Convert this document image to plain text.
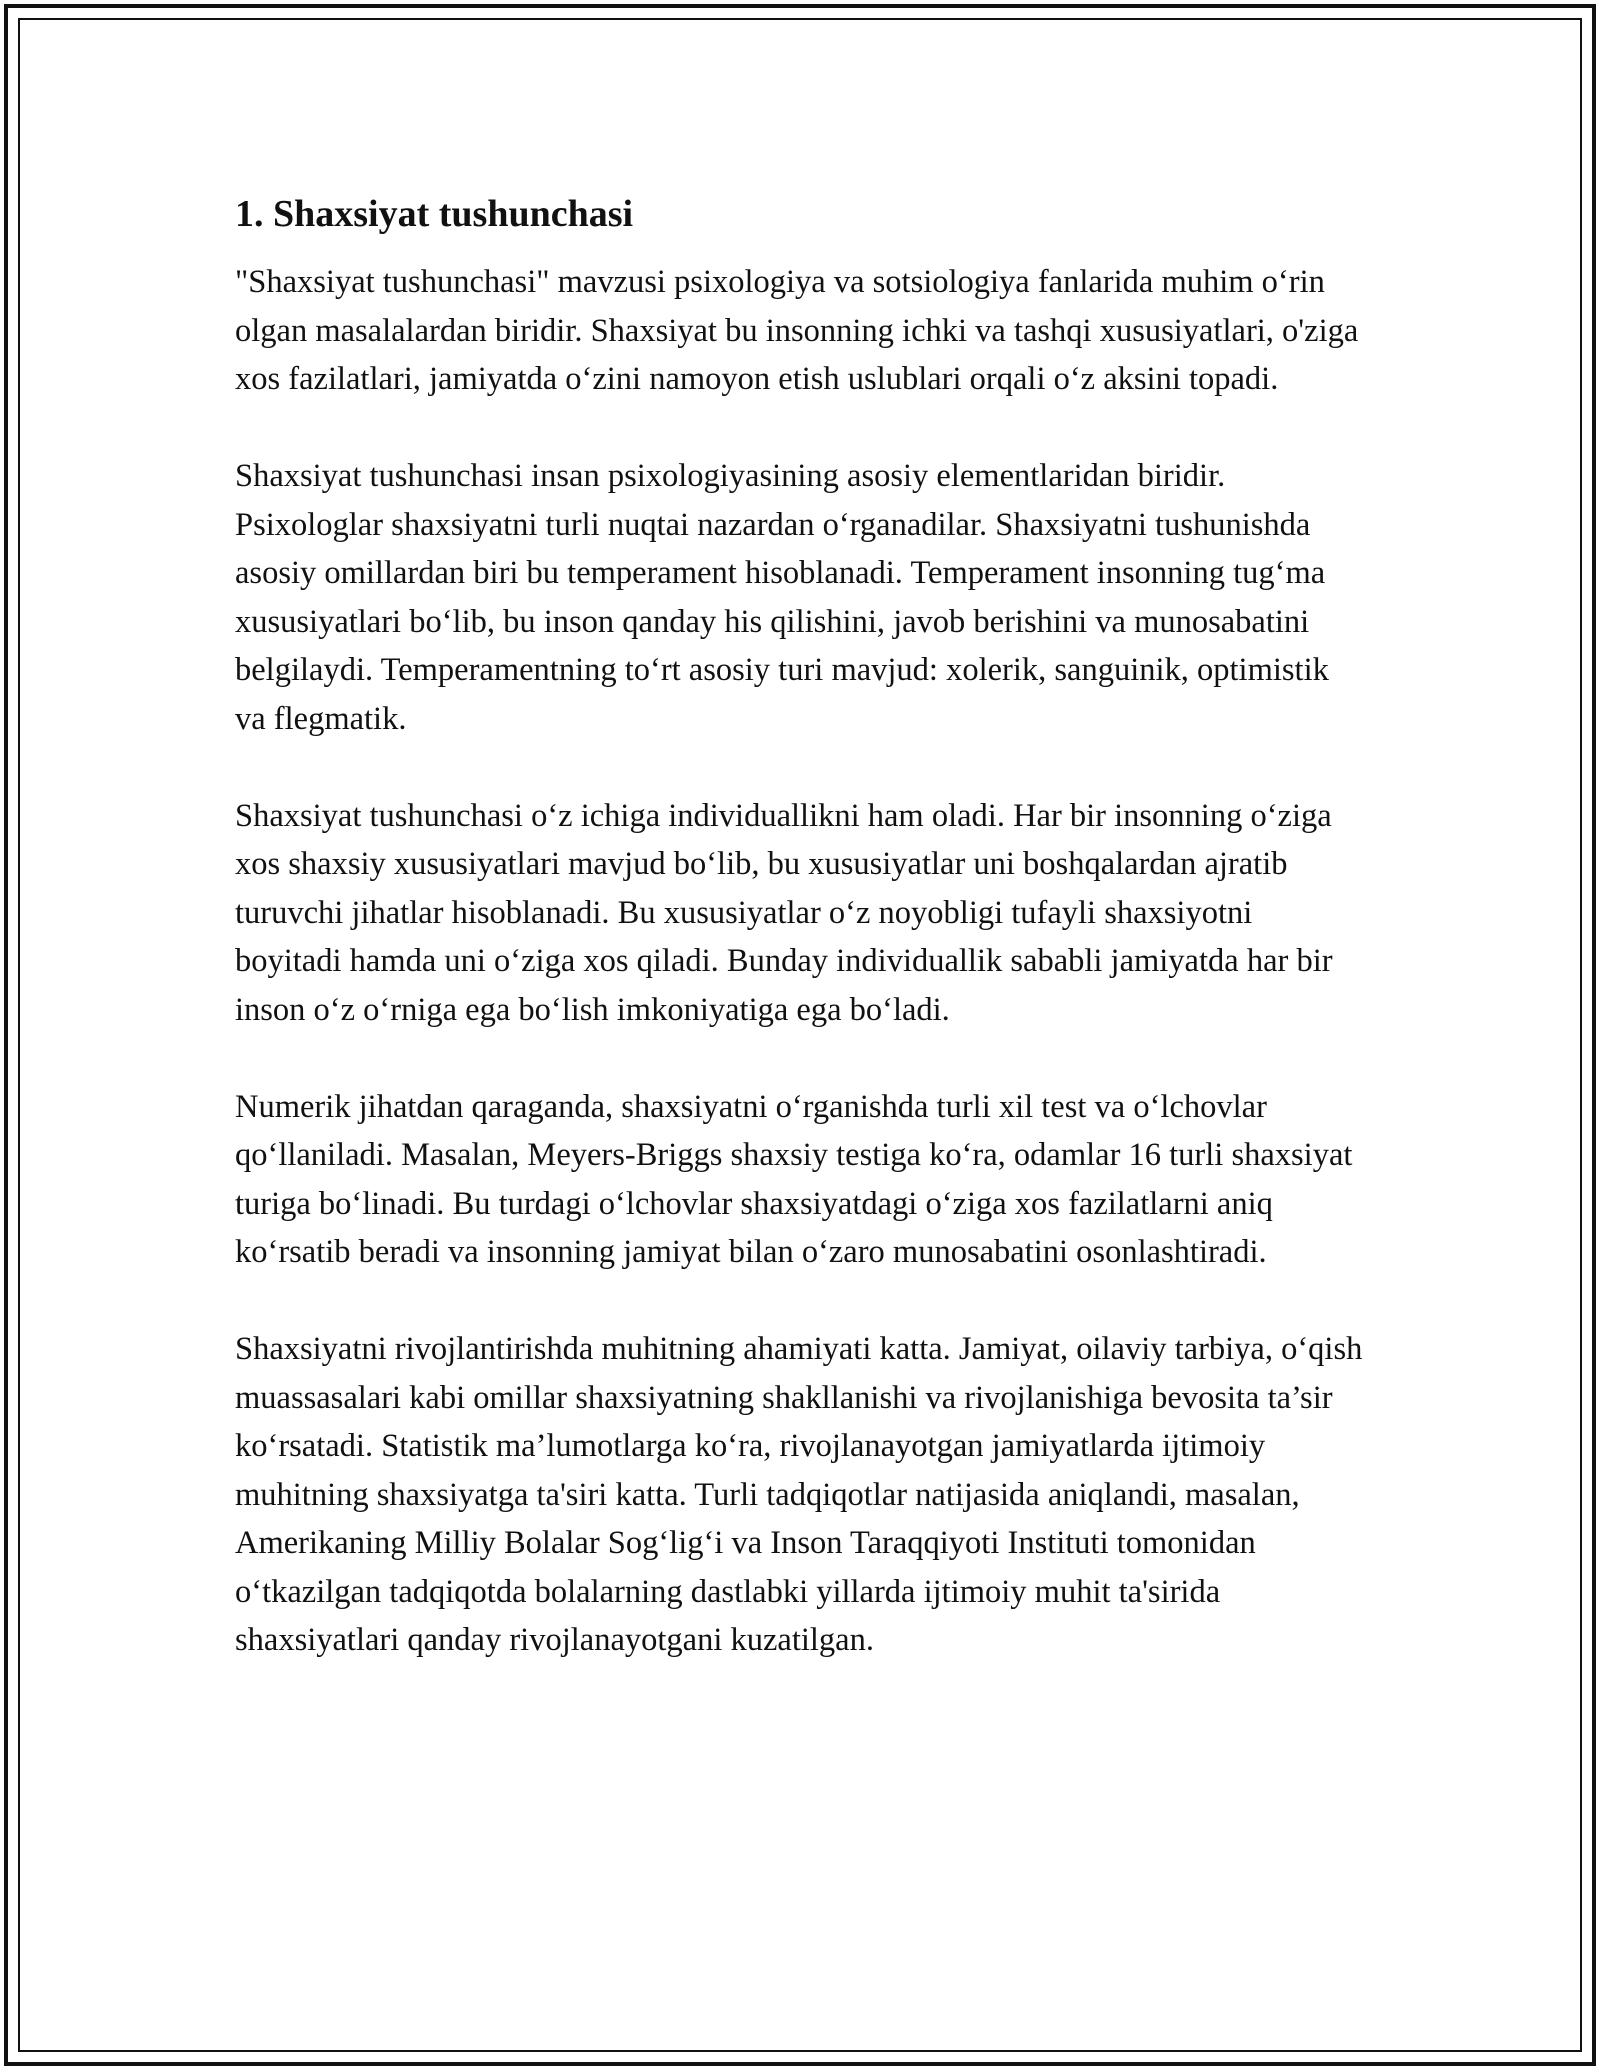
1. Shaxsiyat tushunchasi

"Shaxsiyat tushunchasi" mavzusi psixologiya va sotsiologiya fanlarida muhim o‘rin olgan masalalardan biridir. Shaxsiyat bu insonning ichki va tashqi xususiyatlari, o'ziga xos fazilatlari, jamiyatda o‘zini namoyon etish uslublari orqali o‘z aksini topadi.

Shaxsiyat tushunchasi insan psixologiyasining asosiy elementlaridan biridir. Psixologlar shaxsiyatni turli nuqtai nazardan o‘rganadilar. Shaxsiyatni tushunishda asosiy omillardan biri bu temperament hisoblanadi. Temperament insonning tug‘ma xususiyatlari bo‘lib, bu inson qanday his qilishini, javob berishini va munosabatini belgilaydi. Temperamentning to‘rt asosiy turi mavjud: xolerik, sanguinik, optimistik va flegmatik.

Shaxsiyat tushunchasi o‘z ichiga individuallikni ham oladi. Har bir insonning o‘ziga xos shaxsiy xususiyatlari mavjud bo‘lib, bu xususiyatlar uni boshqalardan ajratib turuvchi jihatlar hisoblanadi. Bu xususiyatlar o‘z noyobligi tufayli shaxsiyotni boyitadi hamda uni o‘ziga xos qiladi. Bunday individuallik sababli jamiyatda har bir inson o‘z o‘rniga ega bo‘lish imkoniyatiga ega bo‘ladi.

Numerik jihatdan qaraganda, shaxsiyatni o‘rganishda turli xil test va o‘lchovlar qo‘llaniladi. Masalan, Meyers-Briggs shaxsiy testiga ko‘ra, odamlar 16 turli shaxsiyat turiga bo‘linadi. Bu turdagi o‘lchovlar shaxsiyatdagi o‘ziga xos fazilatlarni aniq ko‘rsatib beradi va insonning jamiyat bilan o‘zaro munosabatini osonlashtiradi.

Shaxsiyatni rivojlantirishda muhitning ahamiyati katta. Jamiyat, oilaviy tarbiya, o‘qish muassasalari kabi omillar shaxsiyatning shakllanishi va rivojlanishiga bevosita ta’sir ko‘rsatadi. Statistik ma’lumotlarga ko‘ra, rivojlanayotgan jamiyatlarda ijtimoiy muhitning shaxsiyatga ta'siri katta. Turli tadqiqotlar natijasida aniqlandi, masalan, Amerikaning Milliy Bolalar Sog‘lig‘i va Inson Taraqqiyoti Instituti tomonidan o‘tkazilgan tadqiqotda bolalarning dastlabki yillarda ijtimoiy muhit ta'sirida shaxsiyatlari qanday rivojlanayotgani kuzatilgan.
